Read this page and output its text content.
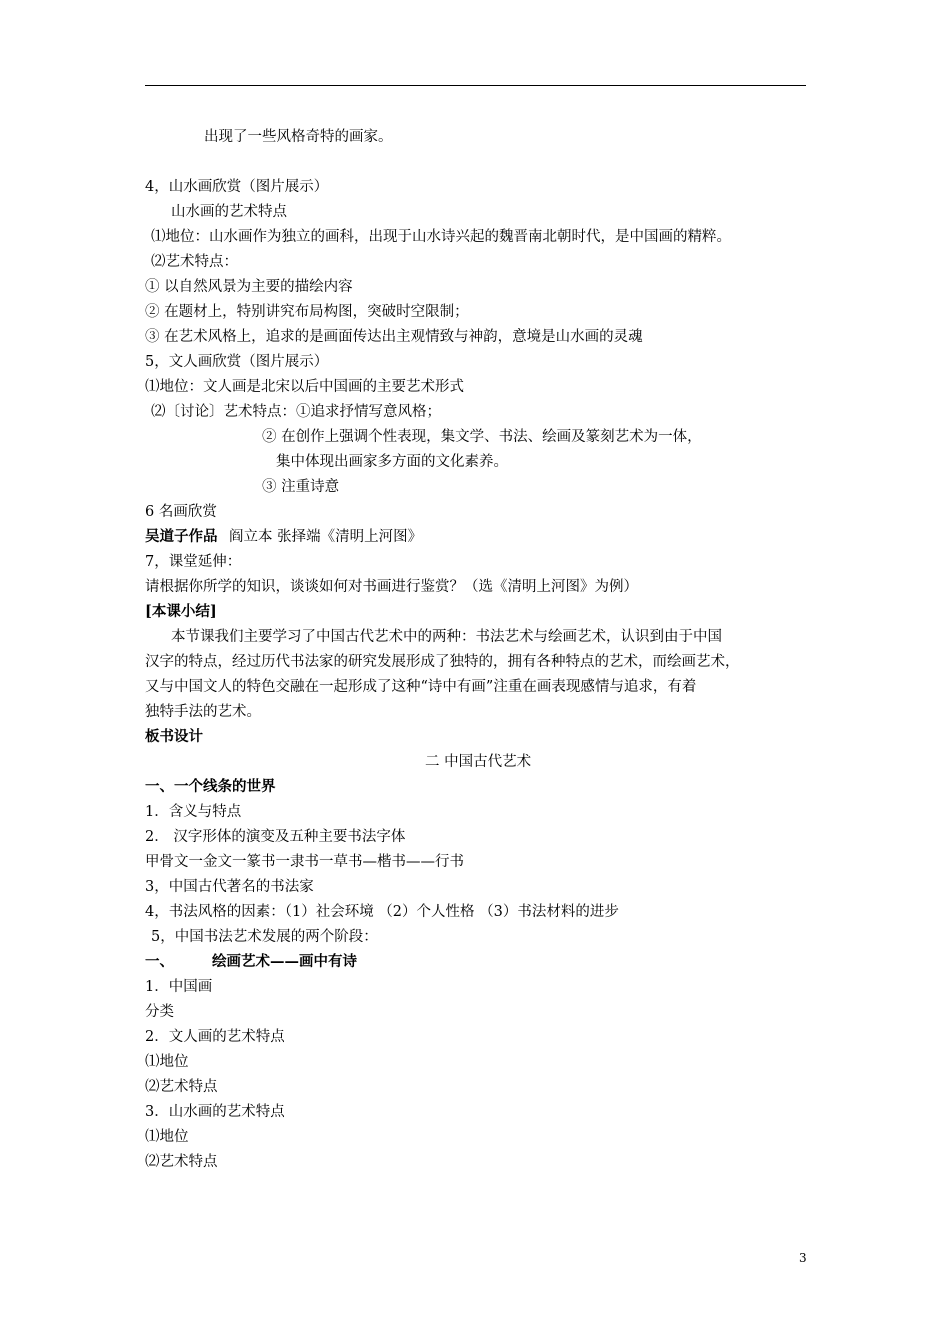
出现了一些风格奇特的画家。
4，山水画欣赏（图片展示）
山水画的艺术特点
⑴地位：山水画作为独立的画科，出现于山水诗兴起的魏晋南北朝时代，是中国画的精粹。
⑵艺术特点：
① 以自然风景为主要的描绘内容
② 在题材上，特别讲究布局构图，突破时空限制；
③ 在艺术风格上，追求的是画面传达出主观情致与神韵，意境是山水画的灵魂
5，文人画欣赏（图片展示）
⑴地位：文人画是北宋以后中国画的主要艺术形式
⑵〔讨论〕艺术特点：①追求抒情写意风格；
② 在创作上强调个性表现，集文学、书法、绘画及篆刻艺术为一体，
集中体现出画家多方面的文化素养。
③ 注重诗意
6 名画欣赏
吴道子作品 阎立本 张择端《清明上河图》
7，课堂延伸：
请根据你所学的知识，谈谈如何对书画进行鉴赏？（选《清明上河图》为例）
[本课小结]
本节课我们主要学习了中国古代艺术中的两种：书法艺术与绘画艺术，认识到由于中国
汉字的特点，经过历代书法家的研究发展形成了独特的，拥有各种特点的艺术，而绘画艺术，
又与中国文人的特色交融在一起形成了这种“诗中有画”注重在画表现感情与追求，有着
独特手法的艺术。
板书设计
二 中国古代艺术
一、一个线条的世界
1．含义与特点
2． 汉字形体的演变及五种主要书法字体
甲骨文一金文一篆书一隶书一草书—楷书——行书
3，中国古代著名的书法家
4，书法风格的因素：（1）社会环境 （2）个人性格 （3）书法材料的进步
5，中国书法艺术发展的两个阶段：
一、	绘画艺术——画中有诗
1．中国画
分类
2．文人画的艺术特点
⑴地位
⑵艺术特点
3．山水画的艺术特点
⑴地位
⑵艺术特点
3
